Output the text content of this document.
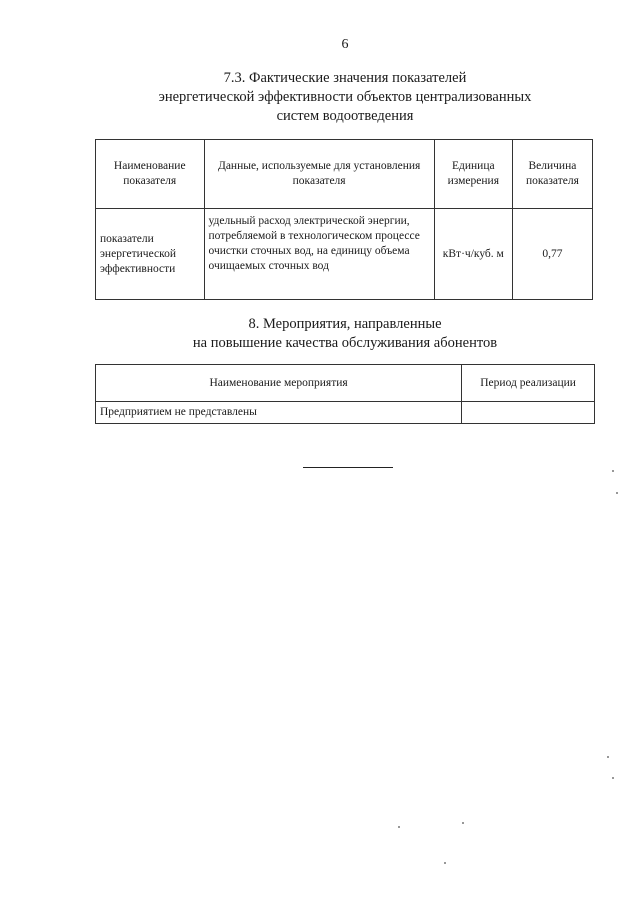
6
7.3. Фактические значения показателей
энергетической эффективности объектов централизованных
систем водоотведения
Наименование показателя	Данные, используемые для установления показателя	Единица измерения	Величина показателя
показатели энергетической эффективности	удельный расход электрической энергии, потребляемой в технологическом процессе очистки сточных вод, на единицу объема очищаемых сточных вод	кВт·ч/куб. м	0,77
8. Мероприятия, направленные
на повышение качества обслуживания абонентов
Наименование мероприятия	Период реализации
Предприятием не представлены	
